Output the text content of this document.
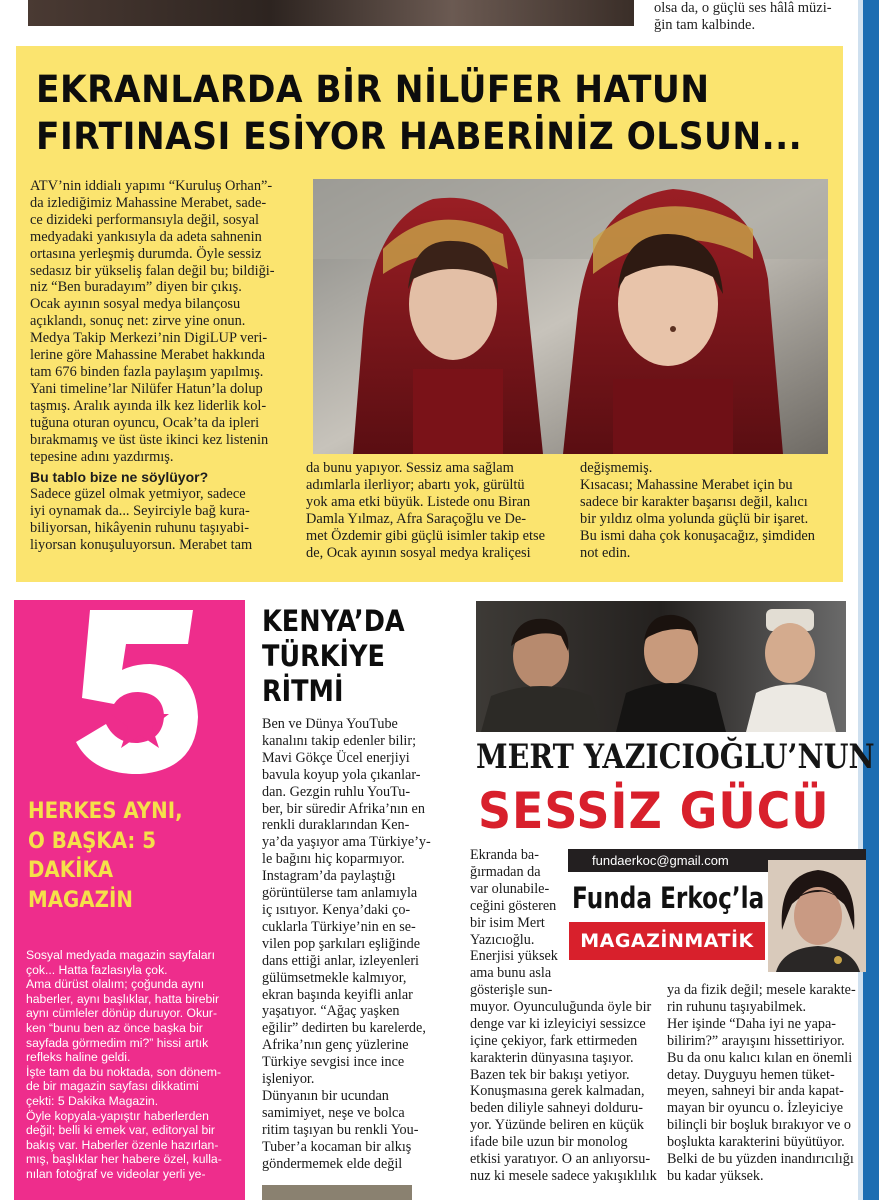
olsa da, o güçlü ses hâlâ müzi-
ğin tam kalbinde.
EKRANLARDA BİR NİLÜFER HATUN
FIRTINASI ESİYOR HABERİNİZ OLSUN...
ATV’nin iddialı yapımı “Kuruluş Orhan”-
da izlediğimiz Mahassine Merabet, sade-
ce dizideki performansıyla değil, sosyal
medyadaki yankısıyla da adeta sahnenin
ortasına yerleşmiş durumda. Öyle sessiz
sedasız bir yükseliş falan değil bu; bildiği-
niz “Ben buradayım” diyen bir çıkış.
Ocak ayının sosyal medya bilançosu
açıklandı, sonuç net: zirve yine onun.
Medya Takip Merkezi’nin DigiLUP veri-
lerine göre Mahassine Merabet hakkında
tam 676 binden fazla paylaşım yapılmış.
Yani timeline’lar Nilüfer Hatun’la dolup
taşmış. Aralık ayında ilk kez liderlik kol-
tuğuna oturan oyuncu, Ocak’ta da ipleri
bırakmamış ve üst üste ikinci kez listenin
tepesine adını yazdırmış.
Bu tablo bize ne söylüyor?
Sadece güzel olmak yetmiyor, sadece
iyi oynamak da... Seyirciyle bağ kura-
biliyorsan, hikâyenin ruhunu taşıyabi-
liyorsan konuşuluyorsun. Merabet tam
da bunu yapıyor. Sessiz ama sağlam
adımlarla ilerliyor; abartı yok, gürültü
yok ama etki büyük. Listede onu Biran
Damla Yılmaz, Afra Saraçoğlu ve De-
met Özdemir gibi güçlü isimler takip etse
de, Ocak ayının sosyal medya kraliçesi
değişmemiş.
Kısacası; Mahassine Merabet için bu
sadece bir karakter başarısı değil, kalıcı
bir yıldız olma yolunda güçlü bir işaret.
Bu ismi daha çok konuşacağız, şimdiden
not edin.
HERKES AYNI,
O BAŞKA: 5
DAKİKA
MAGAZİN
Sosyal medyada magazin sayfaları
çok... Hatta fazlasıyla çok.
Ama dürüst olalım; çoğunda aynı
haberler, aynı başlıklar, hatta birebir
aynı cümleler dönüp duruyor. Okur-
ken “bunu ben az önce başka bir
sayfada görmedim mi?” hissi artık
refleks haline geldi.
İşte tam da bu noktada, son dönem-
de bir magazin sayfası dikkatimi
çekti: 5 Dakika Magazin.
Öyle kopyala-yapıştır haberlerden
değil; belli ki emek var, editoryal bir
bakış var. Haberler özenle hazırlan-
mış, başlıklar her habere özel, kulla-
nılan fotoğraf ve videolar yerli ye-
KENYA’DA
TÜRKİYE
RİTMİ
Ben ve Dünya YouTube
kanalını takip edenler bilir;
Mavi Gökçe Ücel enerjiyi
bavula koyup yola çıkanlar-
dan. Gezgin ruhlu YouTu-
ber, bir süredir Afrika’nın en
renkli duraklarından Ken-
ya’da yaşıyor ama Türkiye’y-
le bağını hiç koparmıyor.
Instagram’da paylaştığı
görüntülerse tam anlamıyla
iç ısıtıyor. Kenya’daki ço-
cuklarla Türkiye’nin en se-
vilen pop şarkıları eşliğinde
dans ettiği anlar, izleyenleri
gülümsetmekle kalmıyor,
ekran başında keyifli anlar
yaşatıyor. “Ağaç yaşken
eğilir” dedirten bu karelerde,
Afrika’nın genç yüzlerine
Türkiye sevgisi ince ince
işleniyor.
Dünyanın bir ucundan
samimiyet, neşe ve bolca
ritim taşıyan bu renkli You-
Tuber’a kocaman bir alkış
göndermemek elde değil
MERT YAZICIOĞLU’NUN
SESSİZ GÜCÜ
Ekranda ba-
ğırmadan da
var olunabile-
ceğini gösteren
bir isim Mert
Yazıcıoğlu.
Enerjisi yüksek
ama bunu asla
gösterişle sun-
muyor. Oyunculuğunda öyle bir
denge var ki izleyiciyi sessizce
içine çekiyor, fark ettirmeden
karakterin dünyasına taşıyor.
Bazen tek bir bakışı yetiyor.
Konuşmasına gerek kalmadan,
beden diliyle sahneyi dolduru-
yor. Yüzünde beliren en küçük
ifade bile uzun bir monolog
etkisi yaratıyor. O an anlıyorsu-
nuz ki mesele sadece yakışıklılık
ya da fizik değil; mesele karakte-
rin ruhunu taşıyabilmek.
Her işinde “Daha iyi ne yapa-
bilirim?” arayışını hissettiriyor.
Bu da onu kalıcı kılan en önemli
detay. Duyguyu hemen tüket-
meyen, sahneyi bir anda kapat-
mayan bir oyuncu o. İzleyiciye
bilinçli bir boşluk bırakıyor ve o
boşlukta karakterini büyütüyor.
Belki de bu yüzden inandırıcılığı
bu kadar yüksek.
fundaerkoc@gmail.com
Funda Erkoç’la
MAGAZİNMATİK
